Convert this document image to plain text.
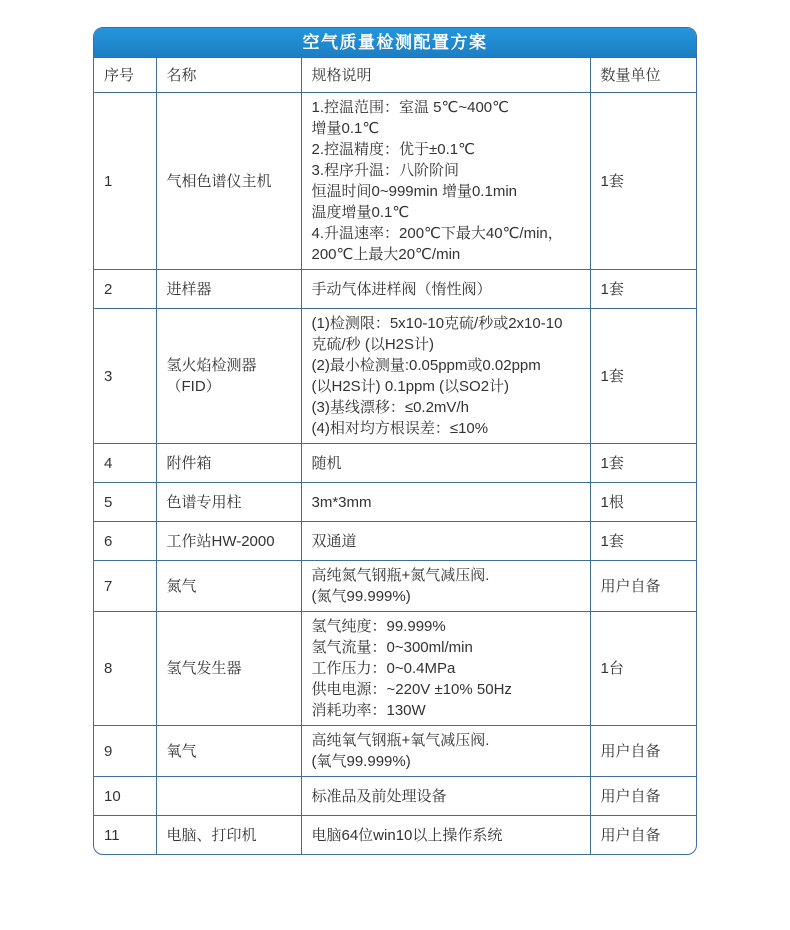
空气质量检测配置方案
序号	名称	规格说明	数量单位
1	气相色谱仪主机	1.控温范围：室温 5℃~400℃
增量0.1℃
2.控温精度：优于±0.1℃
3.程序升温：八阶阶间
恒温时间0~999min 增量0.1min
温度增量0.1℃
4.升温速率：200℃下最大40℃/min，
200℃上最大20℃/min	1套
2	进样器	手动气体进样阀（惰性阀）	1套
3	氢火焰检测器（FID）	(1)检测限：5x10-10克硫/秒或2x10-10
克硫/秒 (以H2S计)
(2)最小检测量:0.05ppm或0.02ppm
(以H2S计) 0.1ppm (以SO2计)
(3)基线漂移：≤0.2mV/h
(4)相对均方根误差：≤10%	1套
4	附件箱	随机	1套
5	色谱专用柱	3m*3mm	1根
6	工作站HW-2000	双通道	1套
7	氮气	高纯氮气钢瓶+氮气减压阀.
(氮气99.999%)	用户自备
8	氢气发生器	氢气纯度：99.999%
氢气流量：0~300ml/min
工作压力：0~0.4MPa
供电电源：~220V ±10% 50Hz
消耗功率：130W	1台
9	氧气	高纯氧气钢瓶+氧气减压阀.
(氧气99.999%)	用户自备
10		标准品及前处理设备	用户自备
11	电脑、打印机	电脑64位win10以上操作系统	用户自备
